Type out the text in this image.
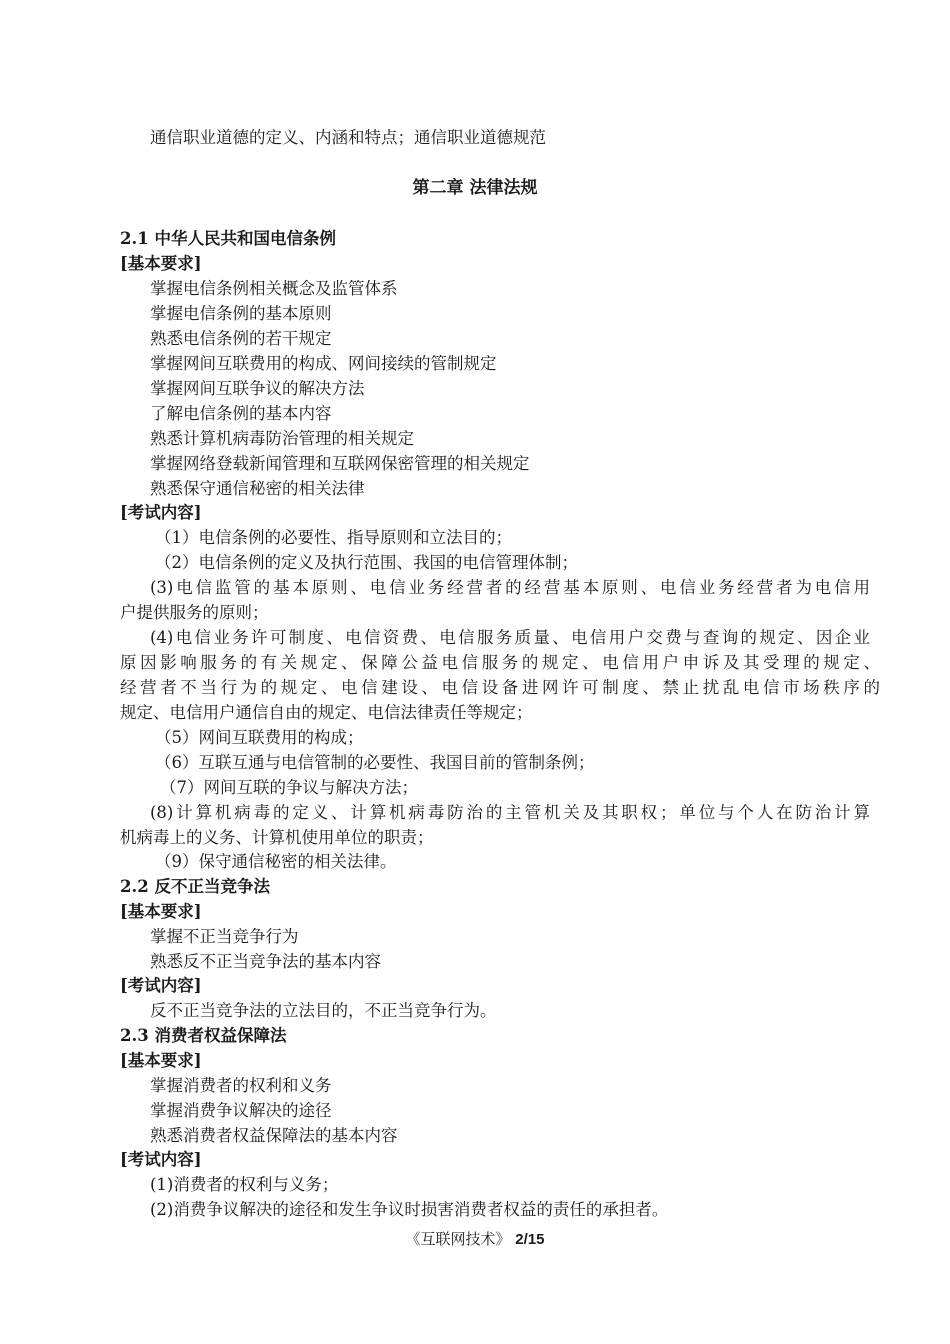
通信职业道德的定义、内涵和特点；通信职业道德规范
第二章 法律法规
2.1 中华人民共和国电信条例
[基本要求]
掌握电信条例相关概念及监管体系
掌握电信条例的基本原则
熟悉电信条例的若干规定
掌握网间互联费用的构成、网间接续的管制规定
掌握网间互联争议的解决方法
了解电信条例的基本内容
熟悉计算机病毒防治管理的相关规定
掌握网络登载新闻管理和互联网保密管理的相关规定
熟悉保守通信秘密的相关法律
[考试内容]
（1）电信条例的必要性、指导原则和立法目的；
（2）电信条例的定义及执行范围、我国的电信管理体制；
(3)电信监管的基本原则、电信业务经营者的经营基本原则、电信业务经营者为电信用
户提供服务的原则；
(4)电信业务许可制度、电信资费、电信服务质量、电信用户交费与查询的规定、因企业
原因影响服务的有关规定、保障公益电信服务的规定、电信用户申诉及其受理的规定、
经营者不当行为的规定、电信建设、电信设备进网许可制度、禁止扰乱电信市场秩序的
规定、电信用户通信自由的规定、电信法律责任等规定；
（5）网间互联费用的构成；
（6）互联互通与电信管制的必要性、我国目前的管制条例；
（7）网间互联的争议与解决方法；
(8)计算机病毒的定义、计算机病毒防治的主管机关及其职权；单位与个人在防治计算
机病毒上的义务、计算机使用单位的职责；
（9）保守通信秘密的相关法律。
2.2 反不正当竞争法
[基本要求]
掌握不正当竞争行为
熟悉反不正当竞争法的基本内容
[考试内容]
反不正当竞争法的立法目的，不正当竞争行为。
2.3 消费者权益保障法
[基本要求]
掌握消费者的权利和义务
掌握消费争议解决的途径
熟悉消费者权益保障法的基本内容
[考试内容]
(1)消费者的权利与义务；
(2)消费争议解决的途径和发生争议时损害消费者权益的责任的承担者。
《互联网技术》 2/15
